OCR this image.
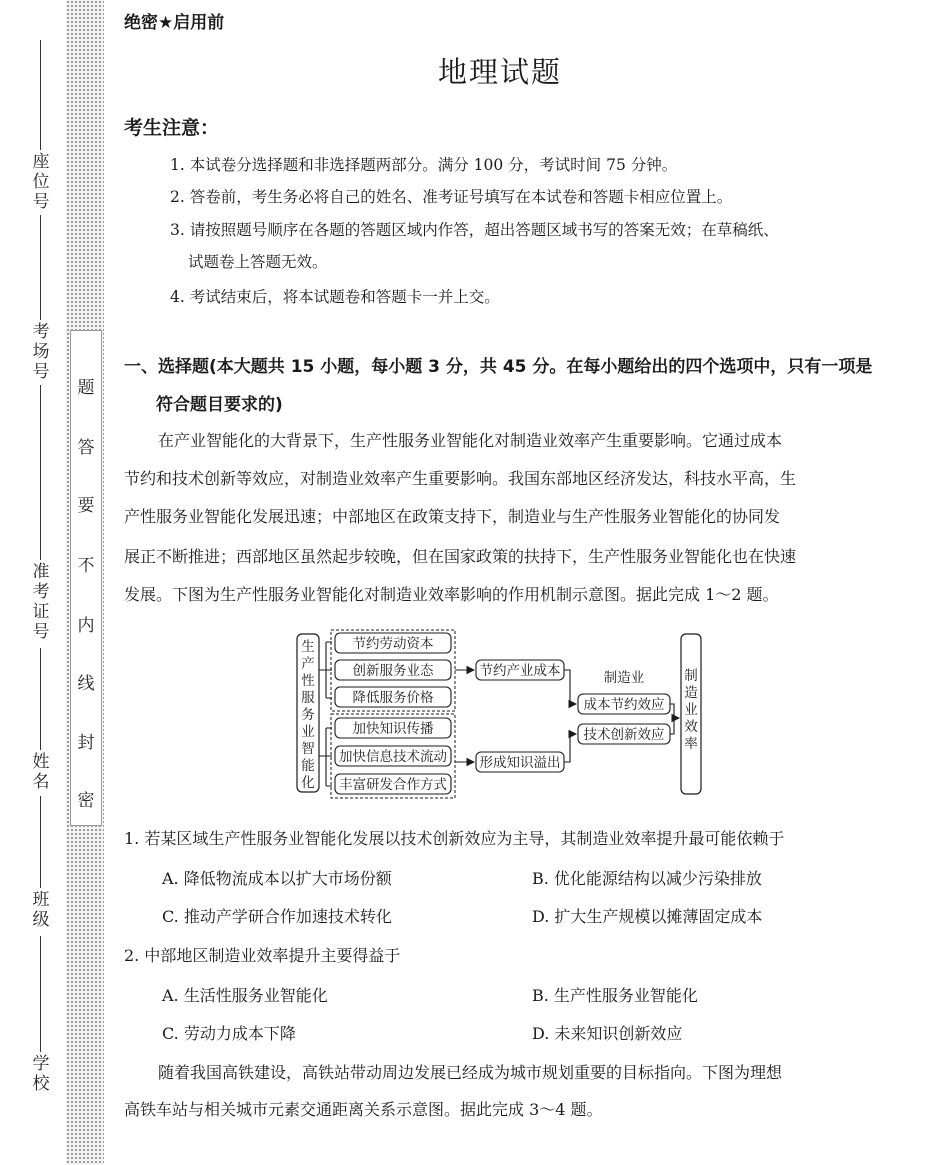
座位号
考场号
准考证号
姓名
班级
学校
题
答
要
不
内
线
封
密
绝密★启用前
地理试题
考生注意：
1. 本试卷分选择题和非选择题两部分。满分 100 分，考试时间 75 分钟。
2. 答卷前，考生务必将自己的姓名、准考证号填写在本试卷和答题卡相应位置上。
3. 请按照题号顺序在各题的答题区域内作答，超出答题区域书写的答案无效；在草稿纸、
试题卷上答题无效。
4. 考试结束后，将本试题卷和答题卡一并上交。
一、选择题(本大题共 15 小题，每小题 3 分，共 45 分。在每小题给出的四个选项中，只有一项是
符合题目要求的)
在产业智能化的大背景下，生产性服务业智能化对制造业效率产生重要影响。它通过成本
节约和技术创新等效应，对制造业效率产生重要影响。我国东部地区经济发达，科技水平高，生
产性服务业智能化发展迅速；中部地区在政策支持下，制造业与生产性服务业智能化的协同发
展正不断推进；西部地区虽然起步较晚，但在国家政策的扶持下，生产性服务业智能化也在快速
发展。下图为生产性服务业智能化对制造业效率影响的作用机制示意图。据此完成 1～2 题。
生
产
性
服
务
业
智
能
化
节约劳动资本
创新服务业态
降低服务价格
加快知识传播
加快信息技术流动
丰富研发合作方式
节约产业成本
形成知识溢出
制造业
成本节约效应
技术创新效应
制
造
业
效
率
1. 若某区域生产性服务业智能化发展以技术创新效应为主导，其制造业效率提升最可能依赖于
A. 降低物流成本以扩大市场份额	B. 优化能源结构以减少污染排放
C. 推动产学研合作加速技术转化	D. 扩大生产规模以摊薄固定成本
2. 中部地区制造业效率提升主要得益于
A. 生活性服务业智能化	B. 生产性服务业智能化
C. 劳动力成本下降	D. 未来知识创新效应
随着我国高铁建设，高铁站带动周边发展已经成为城市规划重要的目标指向。下图为理想
高铁车站与相关城市元素交通距离关系示意图。据此完成 3～4 题。
